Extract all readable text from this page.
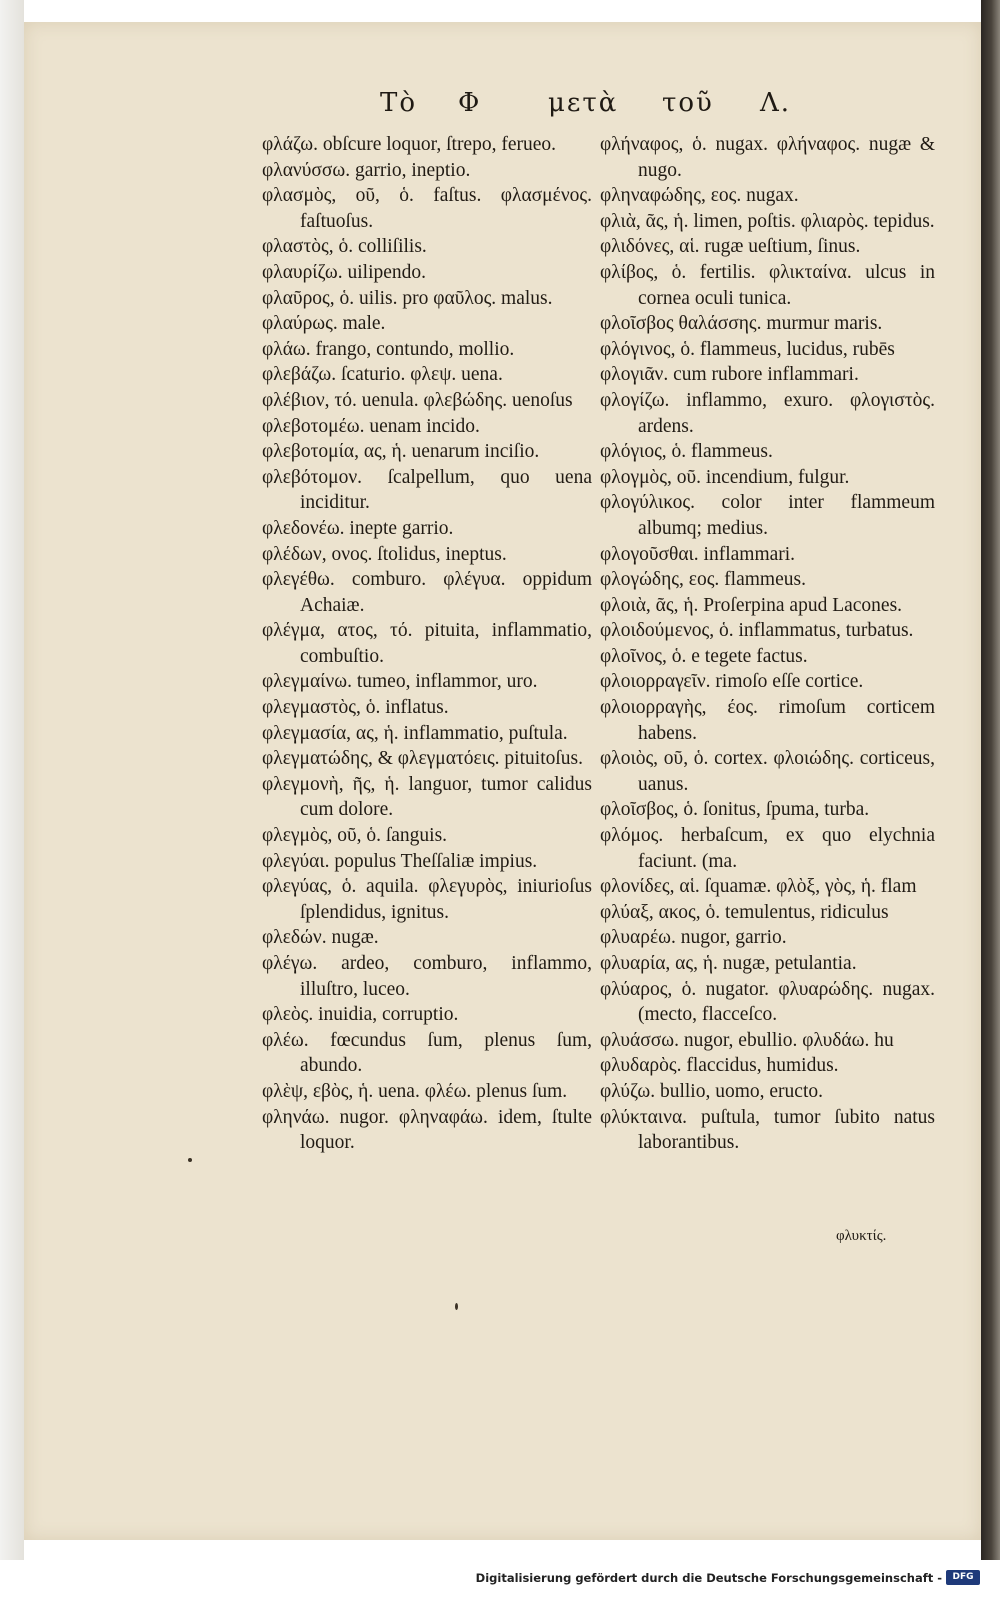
Τὸ Φ	μετὰ τοῦ Λ.
φλάζω. obſcure loquor, ſtrepo, ferueo.
φλανύσσω. garrio, ineptio.
φλασμὸς, οῦ, ὁ. faſtus. φλασμένος. faſtuoſus.
φλαστὸς, ὁ. colliſilis.
φλαυρίζω. uilipendo.
φλαῦρος, ὁ. uilis. pro φαῦλος. malus.
φλαύρως. male.
φλάω. frango, contundo, mollio.
φλεβάζω. ſcaturio. φλεψ. uena.
φλέβιον, τό. uenula. φλεβώδης. uenoſus
φλεβοτομέω. uenam incido.
φλεβοτομία, ας, ἡ. uenarum inciſio.
φλεβότομον. ſcalpellum, quo uena inciditur.
φλεδονέω. inepte garrio.
φλέδων, ονος. ſtolidus, ineptus.
φλεγέθω. comburo. φλέγυα. oppidum Achaiæ.
φλέγμα, ατος, τό. pituita, inflammatio, combuſtio.
φλεγμαίνω. tumeo, inflammor, uro.
φλεγμαστὸς, ὁ. inflatus.
φλεγμασία, ας, ἡ. inflammatio, puſtula.
φλεγματώδης, & φλεγματόεις. pituitoſus.
φλεγμονὴ, ῆς, ἡ. languor, tumor calidus cum dolore.
φλεγμὸς, οῦ, ὁ. ſanguis.
φλεγύαι. populus Theſſaliæ impius.
φλεγύας, ὁ. aquila. φλεγυρὸς, iniurioſus ſplendidus, ignitus.
φλεδών. nugæ.
φλέγω. ardeo, comburo, inflammo, illuſtro, luceo.
φλεὸς. inuidia, corruptio.
φλέω. fœcundus ſum, plenus ſum, abundo.
φλὲψ, εβὸς, ἡ. uena. φλέω. plenus ſum.
φληνάω. nugor. φληναφάω. idem, ſtulte loquor.
φλήναφος, ὁ. nugax. φλήναφος. nugæ & nugo.
φληναφώδης, εος. nugax.
φλιὰ, ᾶς, ἡ. limen, poſtis. φλιαρὸς. tepidus.
φλιδόνες, αἱ. rugæ ueſtium, ſinus.
φλίβος, ὁ. fertilis. φλικταίνα. ulcus in cornea oculi tunica.
φλοῖσβος θαλάσσης. murmur maris.
φλόγινος, ὁ. flammeus, lucidus, rubēs
φλογιᾶν. cum rubore inflammari.
φλογίζω. inflammo, exuro. φλογιστὸς. ardens.
φλόγιος, ὁ. flammeus.
φλογμὸς, οῦ. incendium, fulgur.
φλογύλικος. color inter flammeum albumq; medius.
φλογοῦσθαι. inflammari.
φλογώδης, εος. flammeus.
φλοιὰ, ᾶς, ἡ. Proſerpina apud Lacones.
φλοιδούμενος, ὁ. inflammatus, turbatus.
φλοῖνος, ὁ. e tegete factus.
φλοιορραγεῖν. rimoſo eſſe cortice.
φλοιορραγὴς, έος. rimoſum corticem habens.
φλοιὸς, οῦ, ὁ. cortex. φλοιώδης. corticeus, uanus.
φλοῖσβος, ὁ. ſonitus, ſpuma, turba.
φλόμος. herbaſcum, ex quo elychnia faciunt. (ma.
φλονίδες, αἱ. ſquamæ. φλὸξ, γὸς, ἡ. flam
φλύαξ, ακος, ὁ. temulentus, ridiculus
φλυαρέω. nugor, garrio.
φλυαρία, ας, ἡ. nugæ, petulantia.
φλύαρος, ὁ. nugator. φλυαρώδης. nugax. (mecto, flacceſco.
φλυάσσω. nugor, ebullio. φλυδάω. hu
φλυδαρὸς. flaccidus, humidus.
φλύζω. bullio, uomo, eructo.
φλύκταινα. puſtula, tumor ſubito natus laborantibus.
φλυκτίς.
Digitalisierung gefördert durch die Deutsche Forschungsgemeinschaft -	DFG
